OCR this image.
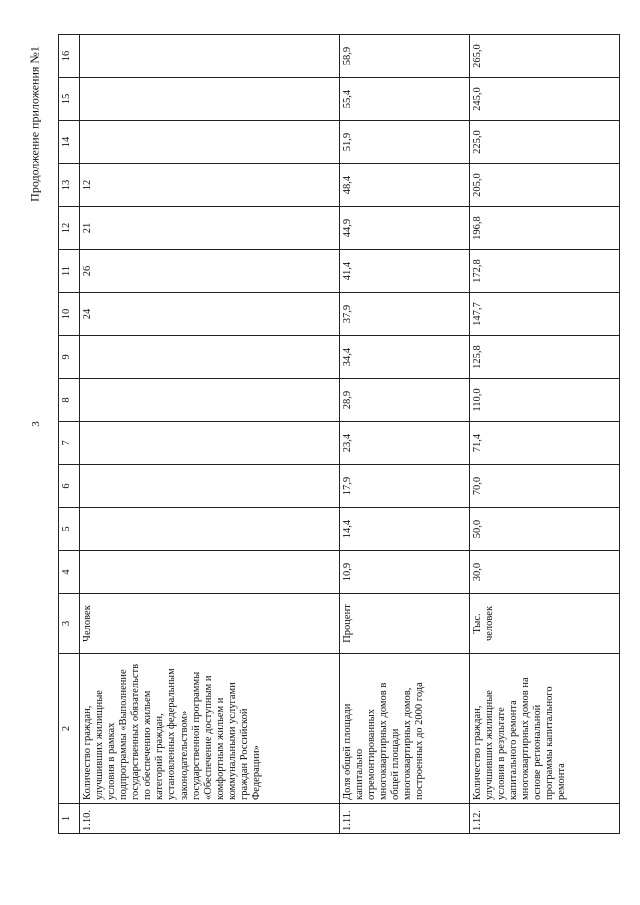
3
Продолжение приложения №1
1	2	3	4	5	6	7	8	9	10	11	12	13	14	15	16
1.10.	Количество граждан, улучшивших жилищные условия в рамках подпрограммы «Выполнение государственных обязательств по обеспечению жильем категорий граждан, установленных федеральным законодательством» государственной программы «Обеспечение доступным и комфортным жильем и коммунальными услугами граждан Российской Федерации»	Человек							24	26	21	12			
1.11.	Доля общей площади капитально отремонтированных многоквартирных домов в общей площади многоквартирных домов, построенных до 2000 года	Процент	10,9	14,4	17,9	23,4	28,9	34,4	37,9	41,4	44,9	48,4	51,9	55,4	58,9
1.12.	Количество граждан, улучшивших жилищные условия в результате капитального ремонта многоквартирных домов на основе региональной программы капитального ремонта	Тыс. человек	30,0	50,0	70,0	71,4	110,0	125,8	147,7	172,8	196,8	205,0	225,0	245,0	265,0
